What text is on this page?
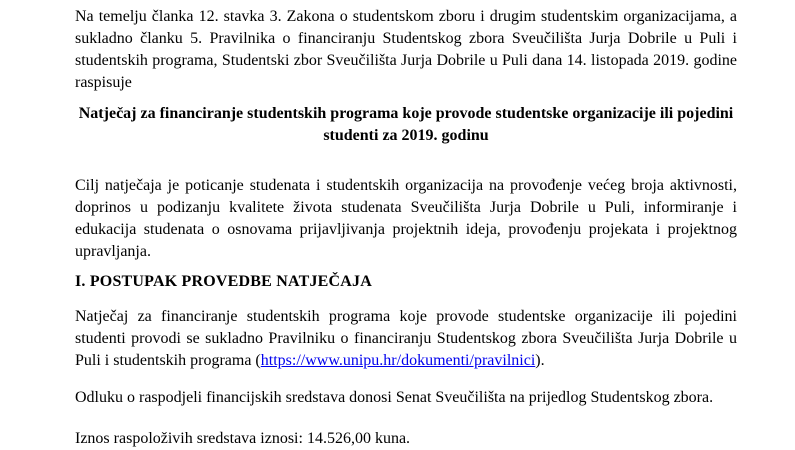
Na temelju članka 12. stavka 3. Zakona o studentskom zboru i drugim studentskim organizacijama, a sukladno članku 5. Pravilnika o financiranju Studentskog zbora Sveučilišta Jurja Dobrile u Puli i studentskih programa, Studentski zbor Sveučilišta Jurja Dobrile u Puli dana 14. listopada 2019. godine raspisuje

Natječaj za financiranje studentskih programa koje provode studentske organizacije ili pojedini studenti za 2019. godinu

Cilj natječaja je poticanje studenata i studentskih organizacija na provođenje većeg broja aktivnosti, doprinos u podizanju kvalitete života studenata Sveučilišta Jurja Dobrile u Puli, informiranje i edukacija studenata o osnovama prijavljivanja projektnih ideja, provođenju projekata i projektnog upravljanja.

I. POSTUPAK PROVEDBE NATJEČAJA

Natječaj za financiranje studentskih programa koje provode studentske organizacije ili pojedini studenti provodi se sukladno Pravilniku o financiranju Studentskog zbora Sveučilišta Jurja Dobrile u Puli i studentskih programa (https://www.unipu.hr/dokumenti/pravilnici).

Odluku o raspodjeli financijskih sredstava donosi Senat Sveučilišta na prijedlog Studentskog zbora.

Iznos raspoloživih sredstava iznosi: 14.526,00 kuna.
